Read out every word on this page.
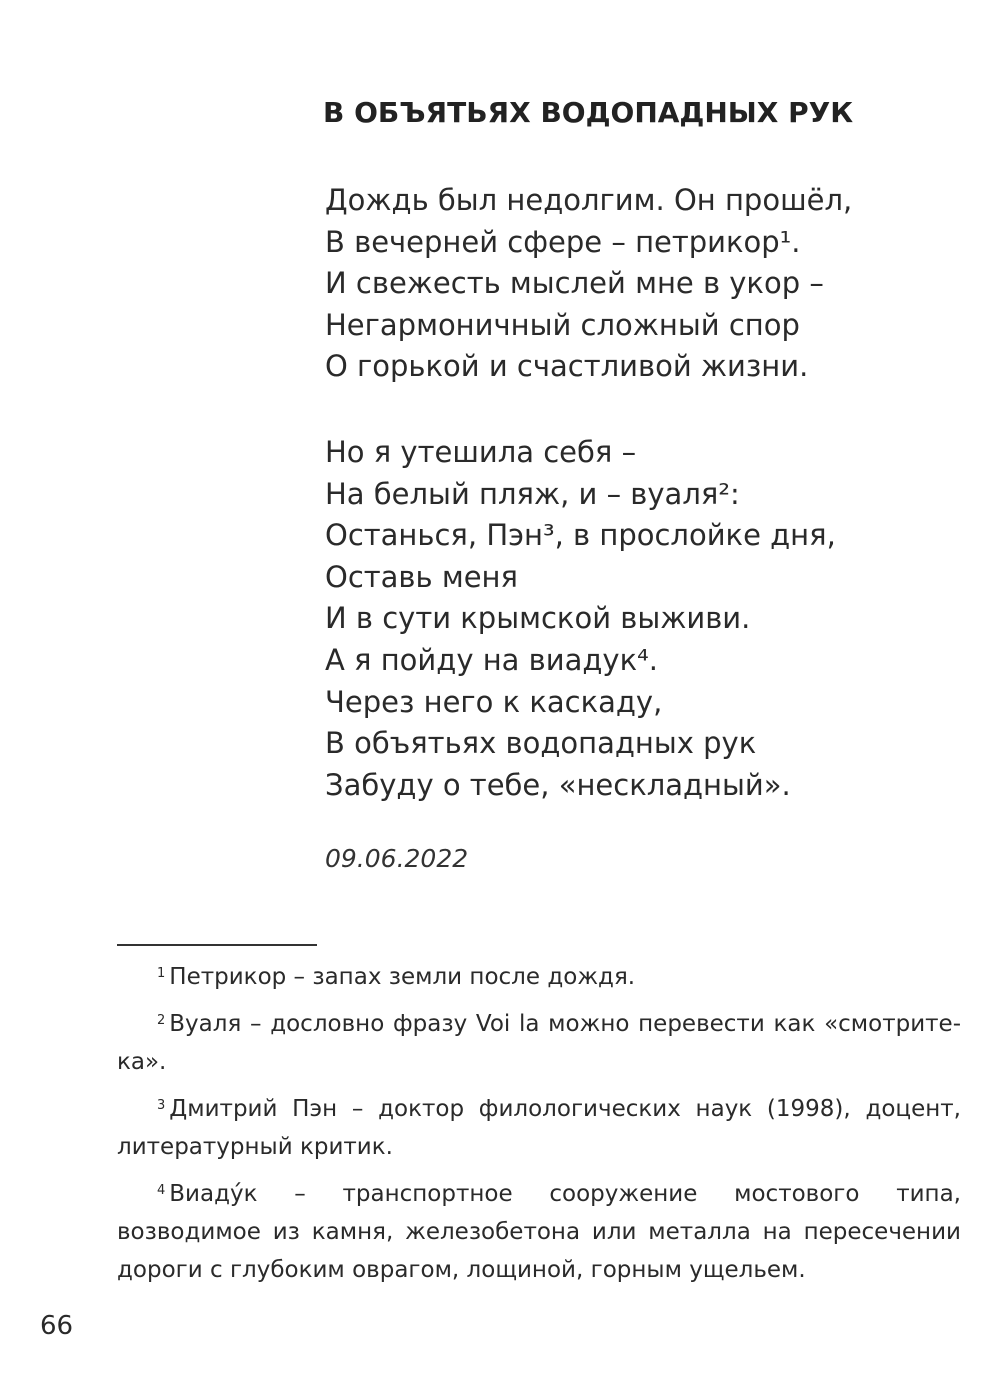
В ОБЪЯТЬЯХ ВОДОПАДНЫХ РУК
Дождь был недолгим. Он прошёл,
В вечерней сфере – петрикор¹.
И свежесть мыслей мне в укор –
Негармоничный сложный спор
О горькой и счастливой жизни.
Но я утешила себя –
На белый пляж, и – вуаля²:
Останься, Пэн³, в прослойке дня,
Оставь меня
И в сути крымской выживи.
А я пойду на виадук⁴.
Через него к каскаду,
В объятьях водопадных рук
Забуду о тебе, «нескладный».
09.06.2022

$^1$ Петрикор – запах земли после дождя.

$^2$ Вуаля – дословно фразу Voi la можно перевести как «смотрите-ка».

$^3$ Дмитрий Пэн – доктор филологических наук (1998), доцент, литературный критик.

$^4$ Виаду́к – транспортное сооружение мостового типа, возводимое из камня, железобетона или металла на пересечении дороги с глубоким оврагом, лощиной, горным ущельем.

66
